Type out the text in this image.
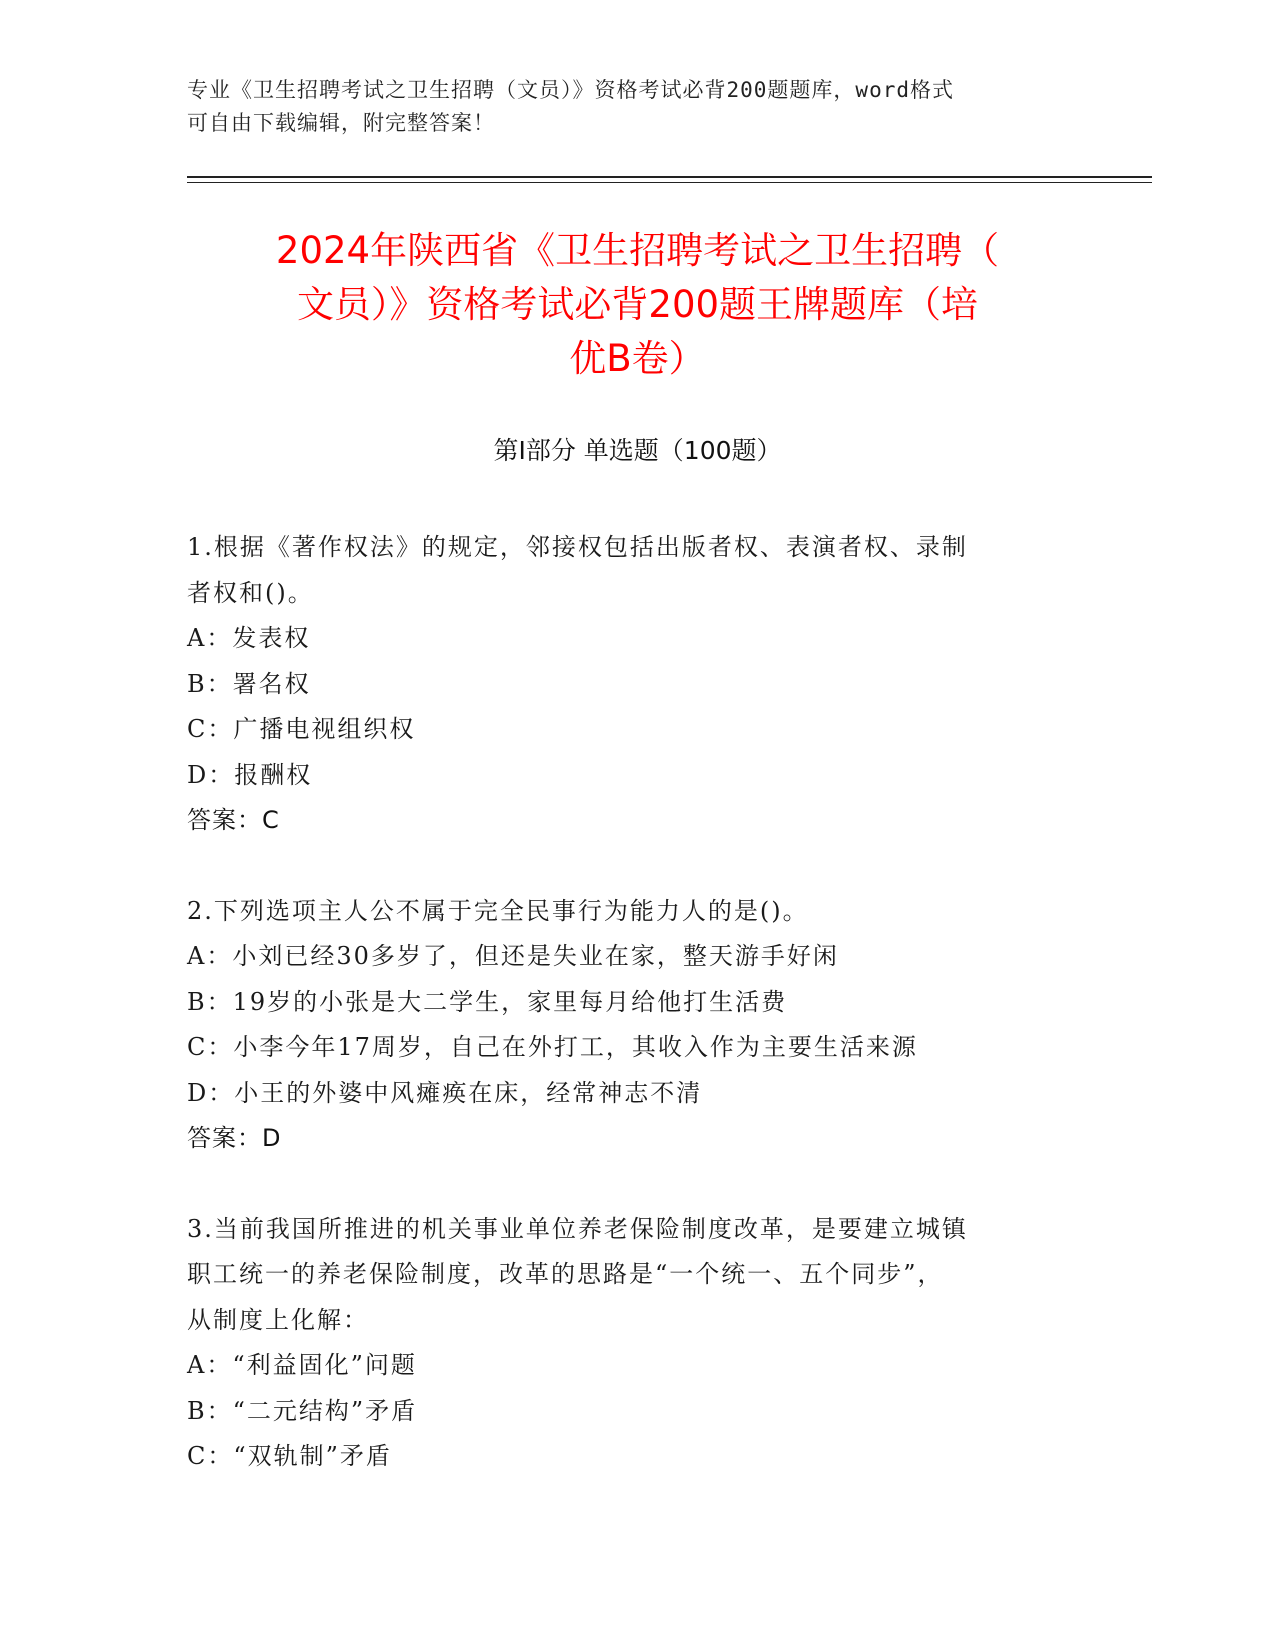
专业《卫生招聘考试之卫生招聘（文员）》资格考试必背200题题库，word格式
可自由下载编辑，附完整答案！
2024年陕西省《卫生招聘考试之卫生招聘（
文员）》资格考试必背200题王牌题库（培
优B卷）
第Ⅰ部分 单选题（100题）
1.根据《著作权法》的规定，邻接权包括出版者权、表演者权、录制
者权和()。
A：发表权
B：署名权
C：广播电视组织权
D：报酬权
答案：C
2.下列选项主人公不属于完全民事行为能力人的是()。
A：小刘已经30多岁了，但还是失业在家，整天游手好闲
B：19岁的小张是大二学生，家里每月给他打生活费
C：小李今年17周岁，自己在外打工，其收入作为主要生活来源
D：小王的外婆中风瘫痪在床，经常神志不清
答案：D
3.当前我国所推进的机关事业单位养老保险制度改革，是要建立城镇
职工统一的养老保险制度，改革的思路是“一个统一、五个同步”，
从制度上化解：
A：“利益固化”问题
B：“二元结构”矛盾
C：“双轨制”矛盾
